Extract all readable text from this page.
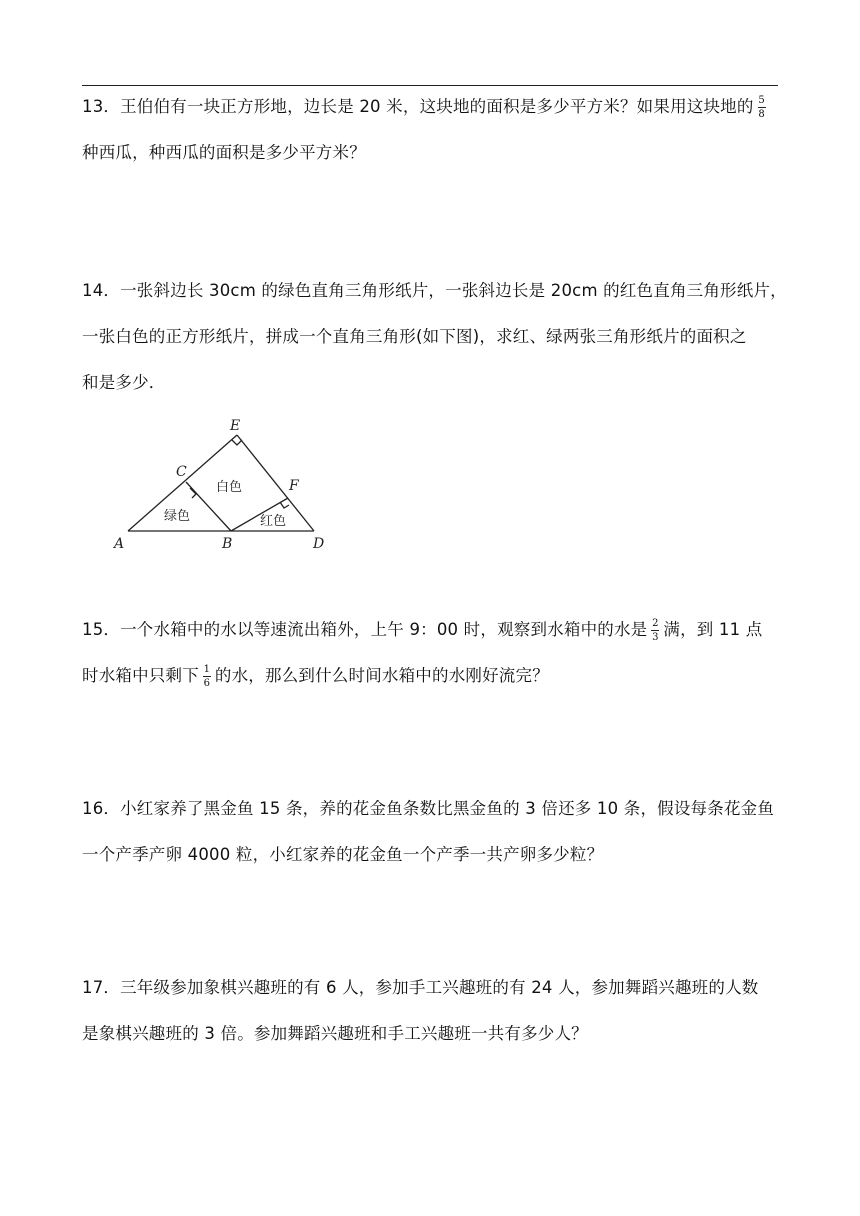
13．王伯伯有一块正方形地，边长是 20 米，这块地的面积是多少平方米？如果用这块地的 $\frac{5}{8}$
种西瓜，种西瓜的面积是多少平方米？
14．一张斜边长 30cm 的绿色直角三角形纸片，一张斜边长是 20cm 的红色直角三角形纸片，
一张白色的正方形纸片，拼成一个直角三角形(如下图)，求红、绿两张三角形纸片的面积之
和是多少．
E
C
F
A	B	D
白色
绿色	红色
15．一个水箱中的水以等速流出箱外，上午 9：00 时，观察到水箱中的水是 $\frac{2}{3}$ 满，到 11 点
时水箱中只剩下 $\frac{1}{6}$ 的水，那么到什么时间水箱中的水刚好流完？
16．小红家养了黑金鱼 15 条，养的花金鱼条数比黑金鱼的 3 倍还多 10 条，假设每条花金鱼
一个产季产卵 4000 粒，小红家养的花金鱼一个产季一共产卵多少粒？
17．三年级参加象棋兴趣班的有 6 人，参加手工兴趣班的有 24 人，参加舞蹈兴趣班的人数
是象棋兴趣班的 3 倍。参加舞蹈兴趣班和手工兴趣班一共有多少人？
